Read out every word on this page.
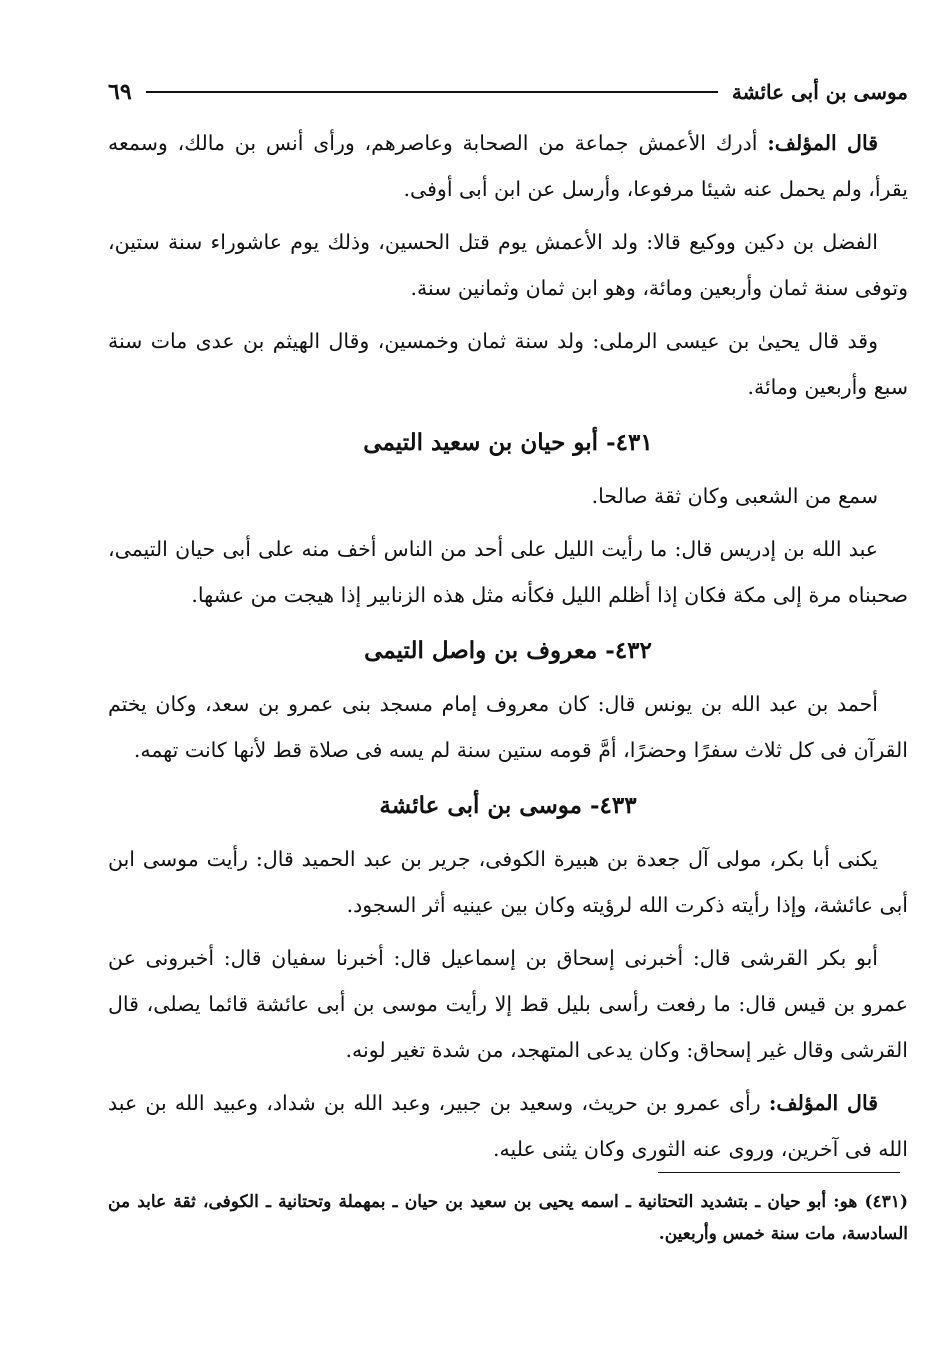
موسى بن أبى عائشة
٦٩

قال المؤلف: أدرك الأعمش جماعة من الصحابة وعاصرهم، ورأى أنس بن مالك، وسمعه يقرأ، ولم يحمل عنه شيئا مرفوعا، وأرسل عن ابن أبى أوفى.

الفضل بن دكين ووكيع قالا: ولد الأعمش يوم قتل الحسين، وذلك يوم عاشوراء سنة ستين، وتوفى سنة ثمان وأربعين ومائة، وهو ابن ثمان وثمانين سنة.

وقد قال يحيىٰ بن عيسى الرملى: ولد سنة ثمان وخمسين، وقال الهيثم بن عدى مات سنة سبع وأربعين ومائة.

٤٣١- أبو حيان بن سعيد التيمى

سمع من الشعبى وكان ثقة صالحا.

عبد الله بن إدريس قال: ما رأيت الليل على أحد من الناس أخف منه على أبى حيان التيمى، صحبناه مرة إلى مكة فكان إذا أظلم الليل فكأنه مثل هذه الزنابير إذا هيجت من عشها.

٤٣٢- معروف بن واصل التيمى

أحمد بن عبد الله بن يونس قال: كان معروف إمام مسجد بنى عمرو بن سعد، وكان يختم القرآن فى كل ثلاث سفرًا وحضرًا، أمَّ قومه ستين سنة لم يسه فى صلاة قط لأنها كانت تهمه.

٤٣٣- موسى بن أبى عائشة

يكنى أبا بكر، مولى آل جعدة بن هبيرة الكوفى، جرير بن عبد الحميد قال: رأيت موسى ابن أبى عائشة، وإذا رأيته ذكرت الله لرؤيته وكان بين عينيه أثر السجود.

أبو بكر القرشى قال: أخبرنى إسحاق بن إسماعيل قال: أخبرنا سفيان قال: أخبرونى عن عمرو بن قيس قال: ما رفعت رأسى بليل قط إلا رأيت موسى بن أبى عائشة قائما يصلى، قال القرشى وقال غير إسحاق: وكان يدعى المتهجد، من شدة تغير لونه.

قال المؤلف: رأى عمرو بن حريث، وسعيد بن جبير، وعبد الله بن شداد، وعبيد الله بن عبد الله فى آخرين، وروى عنه الثورى وكان يثنى عليه.

(٤٣١) هو: أبو حيان ـ بتشديد التحتانية ـ اسمه يحيى بن سعيد بن حيان ـ بمهملة وتحتانية ـ الكوفى، ثقة عابد من السادسة، مات سنة خمس وأربعين.
